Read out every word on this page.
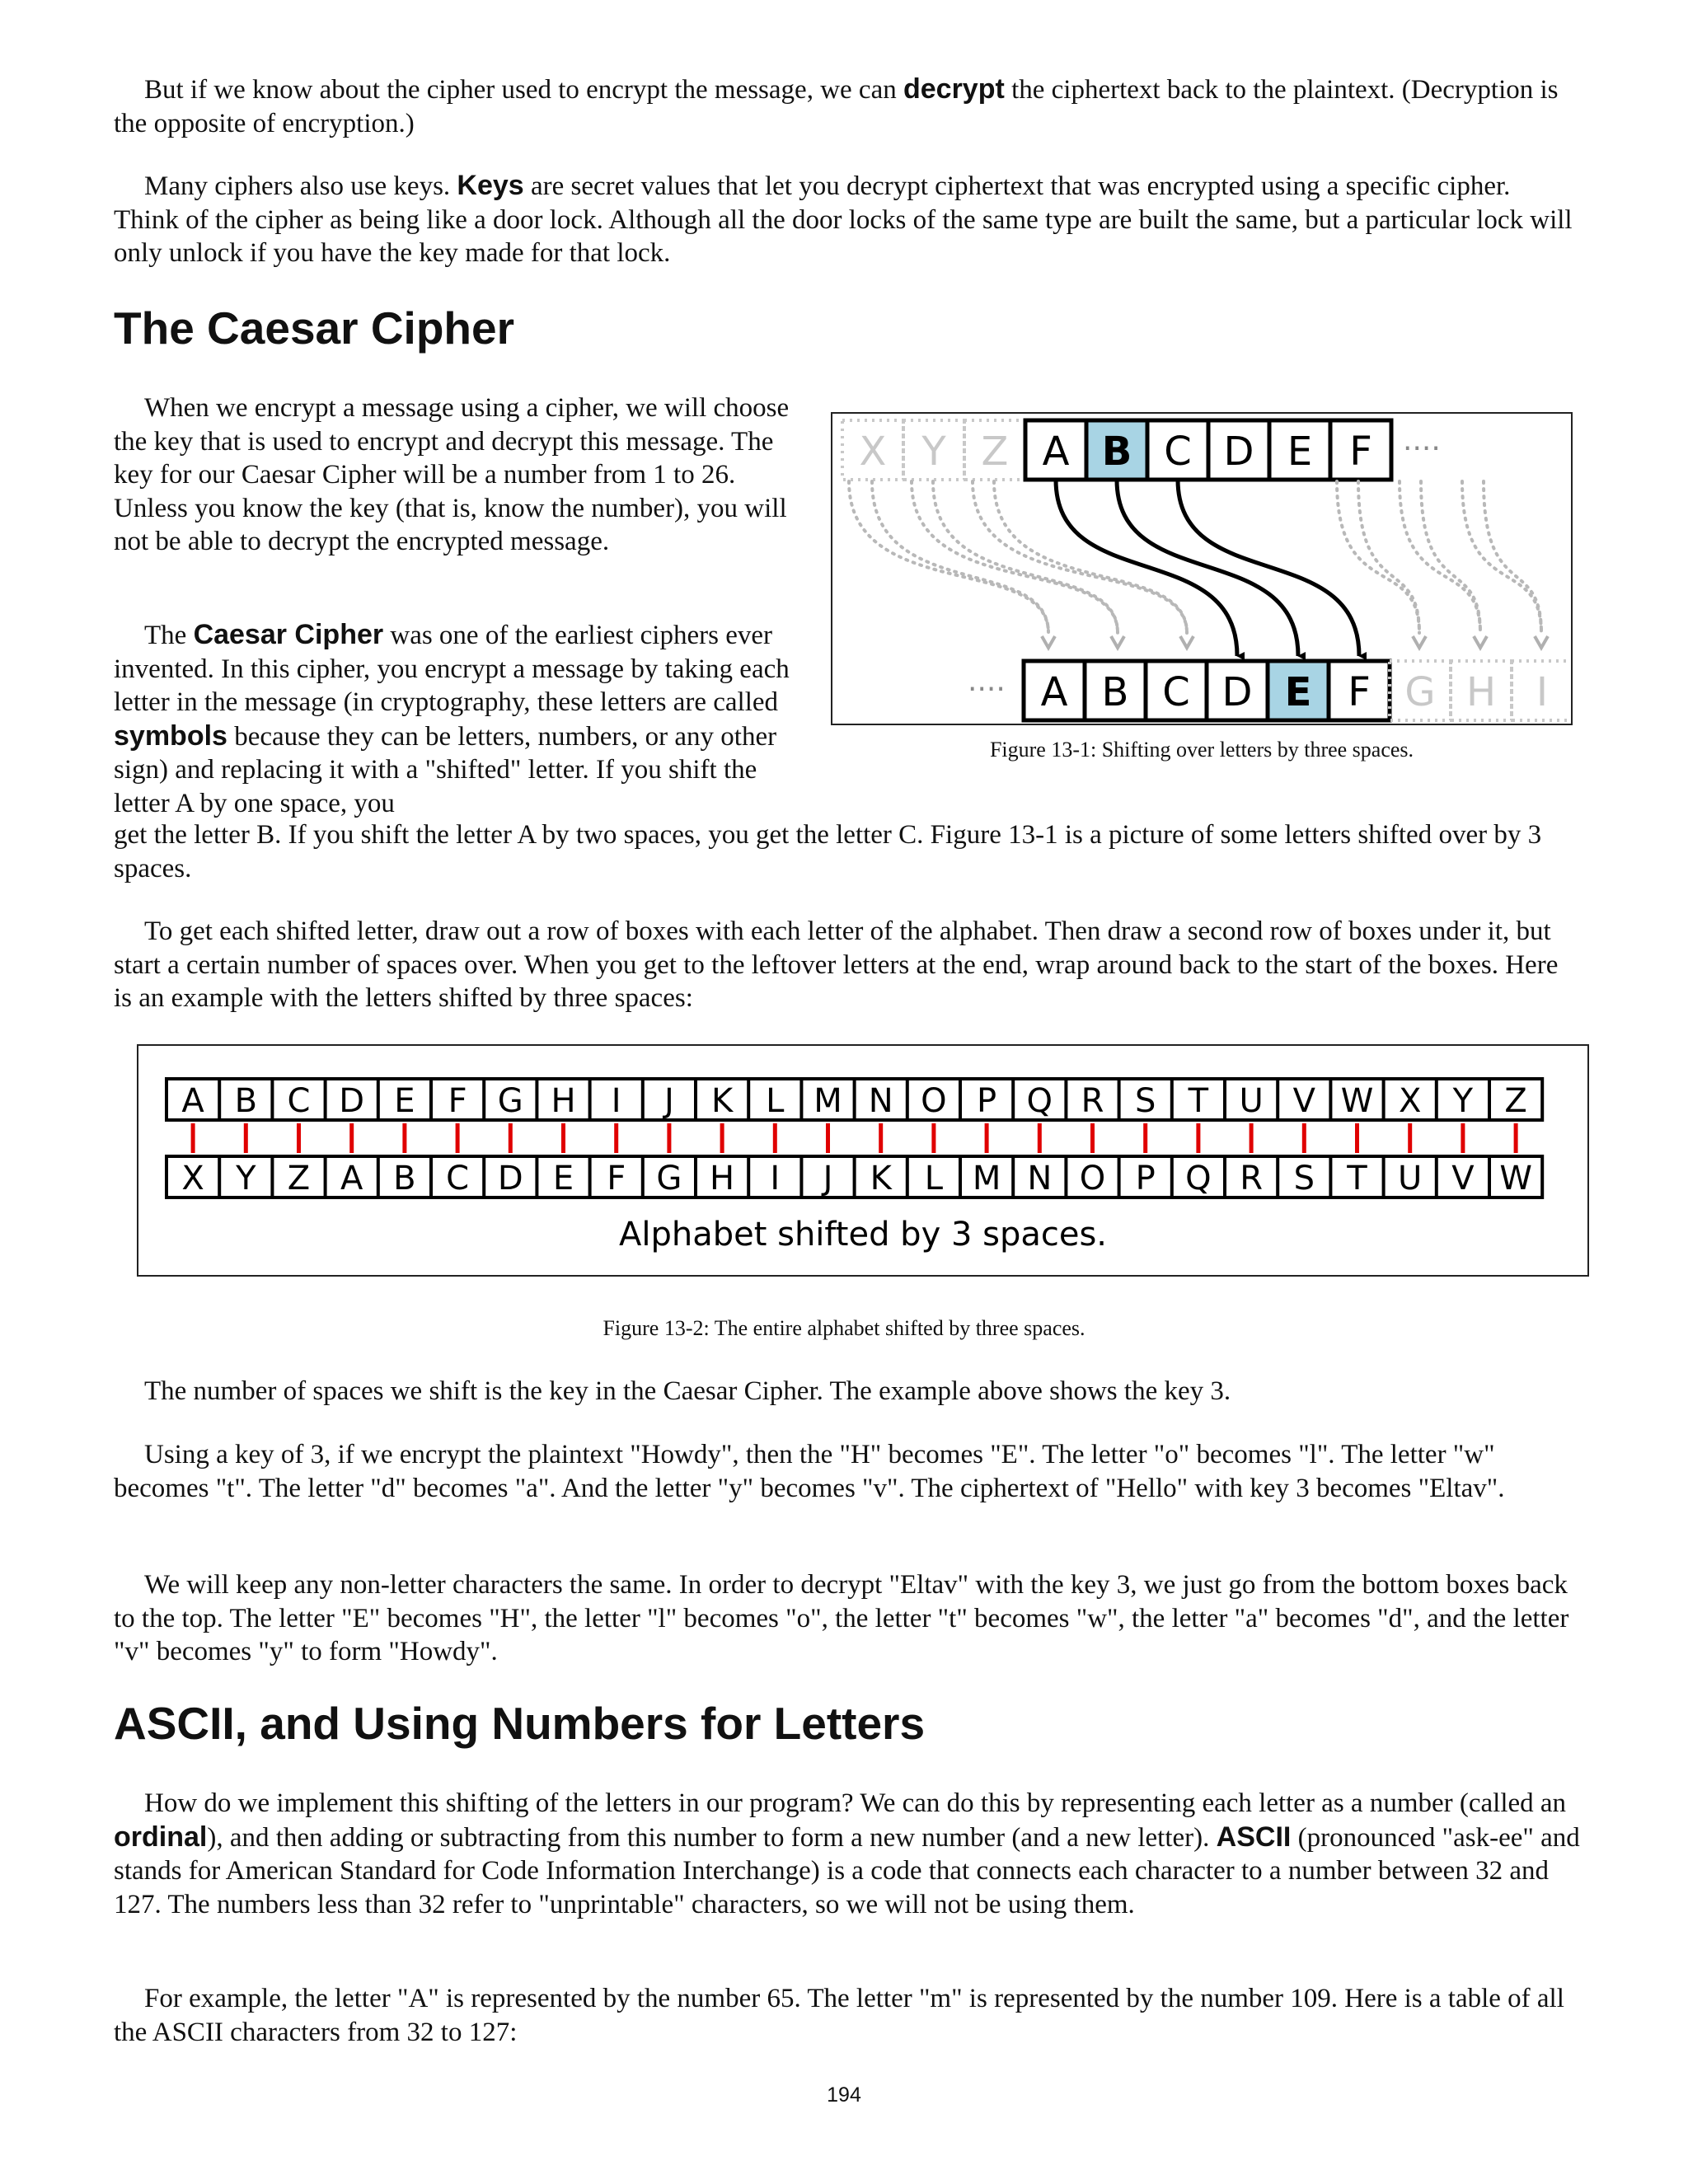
But if we know about the cipher used to encrypt the message, we can decrypt the ciphertext back to the plaintext. (Decryption is the opposite of encryption.)

Many ciphers also use keys. Keys are secret values that let you decrypt ciphertext that was encrypted using a specific cipher. Think of the cipher as being like a door lock. Although all the door locks of the same type are built the same, but a particular lock will only unlock if you have the key made for that lock.

The Caesar Cipher

When we encrypt a message using a cipher, we will choose the key that is used to encrypt and decrypt this message. The key for our Caesar Cipher will be a number from 1 to 26. Unless you know the key (that is, know the number), you will not be able to decrypt the encrypted message.

The Caesar Cipher was one of the earliest ciphers ever invented. In this cipher, you encrypt a message by taking each letter in the message (in cryptography, these letters are called symbols because they can be letters, numbers, or any other sign) and replacing it with a "shifted" letter. If you shift the letter A by one space, you

get the letter B. If you shift the letter A by two spaces, you get the letter C. Figure 13-1 is a picture of some letters shifted over by 3 spaces.

To get each shifted letter, draw out a row of boxes with each letter of the alphabet. Then draw a second row of boxes under it, but start a certain number of spaces over. When you get to the leftover letters at the end, wrap around back to the start of the boxes. Here is an example with the letters shifted by three spaces:

The number of spaces we shift is the key in the Caesar Cipher. The example above shows the key 3.

Using a key of 3, if we encrypt the plaintext "Howdy", then the "H" becomes "E". The letter "o" becomes "l". The letter "w" becomes "t". The letter "d" becomes "a". And the letter "y" becomes "v". The ciphertext of "Hello" with key 3 becomes "Eltav".

We will keep any non-letter characters the same. In order to decrypt "Eltav" with the key 3, we just go from the bottom boxes back to the top. The letter "E" becomes "H", the letter "l" becomes "o", the letter "t" becomes "w", the letter "a" becomes "d", and the letter "v" becomes "y" to form "Howdy".

ASCII, and Using Numbers for Letters

How do we implement this shifting of the letters in our program? We can do this by representing each letter as a number (called an ordinal), and then adding or subtracting from this number to form a new number (and a new letter). ASCII (pronounced "ask-ee" and stands for American Standard for Code Information Interchange) is a code that connects each character to a number between 32 and 127. The numbers less than 32 refer to "unprintable" characters, so we will not be using them.

For example, the letter "A" is represented by the number 65. The letter "m" is represented by the number 109. Here is a table of all the ASCII characters from 32 to 127:

X Y Z A B C D E F ····
···· A B C D E F G H I
Figure 13-1: Shifting over letters by three spaces.
A
X
B
Y
C
Z
D
A
E
B
F
C
G
D
H
E
I
F
J
G
K
H
L
I
M
J
N
K
O
L
P
M
Q
N
R
O
S
P
T
Q
U
R
V
S
W
T
X
U
Y
V
Z
W
Alphabet shifted by 3 spaces.
Figure 13-2: The entire alphabet shifted by three spaces.
194
